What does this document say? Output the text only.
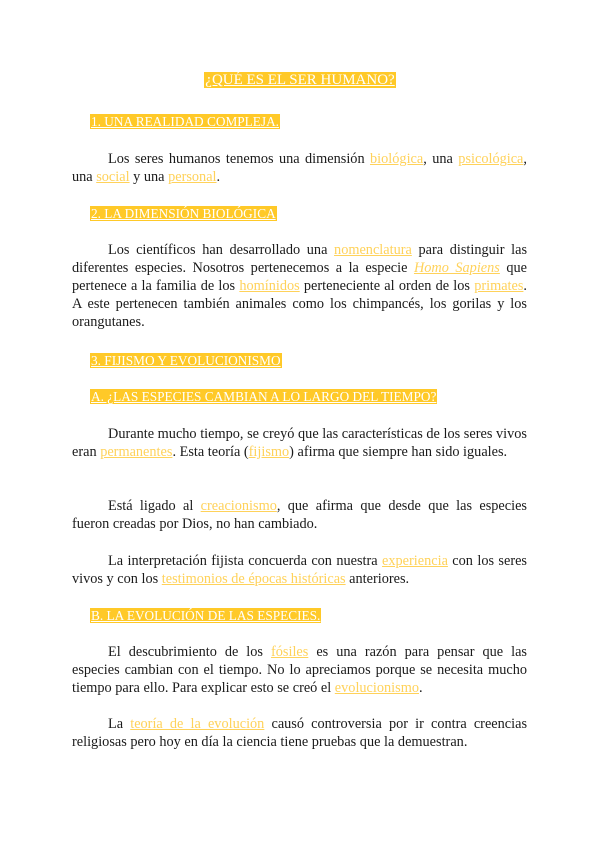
¿QUÉ ES EL SER HUMANO?
1. UNA REALIDAD COMPLEJA.

Los seres humanos tenemos una dimensión biológica, una psicológica, una social y una personal.

2. LA DIMENSIÓN BIOLÓGICA

Los científicos han desarrollado una nomenclatura para distinguir las diferentes especies. Nosotros pertenecemos a la especie Homo Sapiens que pertenece a la familia de los homínidos perteneciente al orden de los primates. A este pertenecen también animales como los chimpancés, los gorilas y los orangutanes.

3. FIJISMO Y EVOLUCIONISMO
A. ¿LAS ESPECIES CAMBIAN A LO LARGO DEL TIEMPO?

Durante mucho tiempo, se creyó que las características de los seres vivos eran permanentes. Esta teoría (fijismo) afirma que siempre han sido iguales.

Está ligado al creacionismo, que afirma que desde que las especies fueron creadas por Dios, no han cambiado.

La interpretación fijista concuerda con nuestra experiencia con los seres vivos y con los testimonios de épocas históricas anteriores.

B. LA EVOLUCIÓN DE LAS ESPECIES.

El descubrimiento de los fósiles es una razón para pensar que las especies cambian con el tiempo. No lo apreciamos porque se necesita mucho tiempo para ello. Para explicar esto se creó el evolucionismo.

La teoría de la evolución causó controversia por ir contra creencias religiosas pero hoy en día la ciencia tiene pruebas que la demuestran.
